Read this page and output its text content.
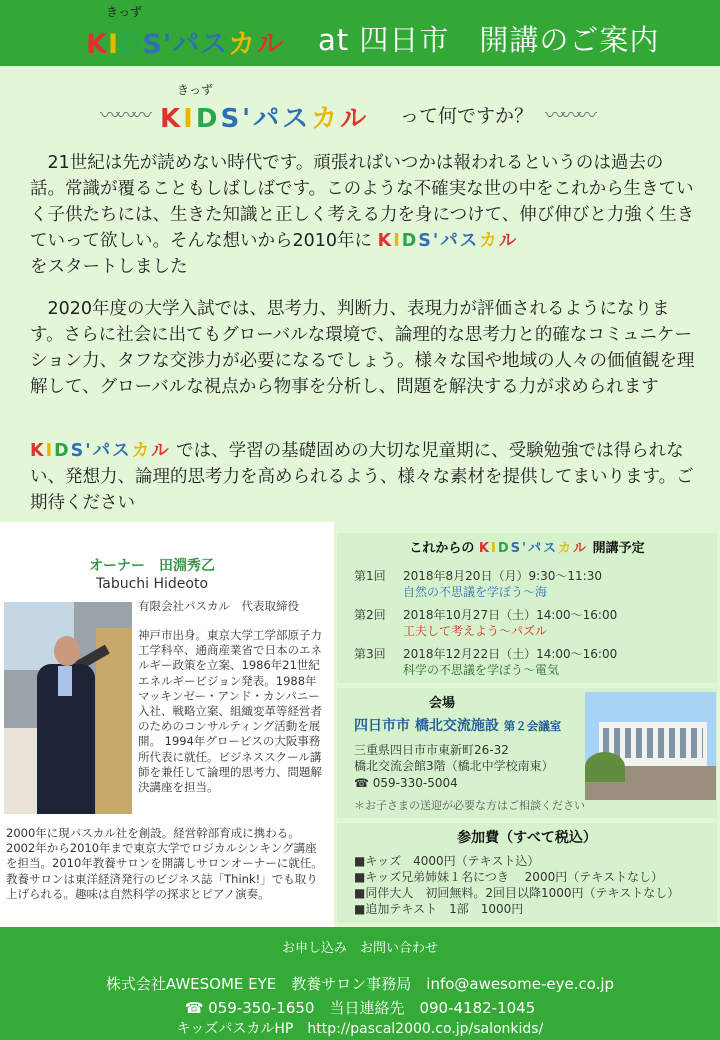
きっず
KIDS'パスカル at 四日市　開講のご案内
きっず
〰〰〰 KIDS'パスカル って何ですか？ 〰〰〰

21世紀は先が読めない時代です。頑張ればいつかは報われるというのは過去の話。常識が覆ることもしばしばです。このような不確実な世の中をこれから生きていく子供たちには、生きた知識と正しく考える力を身につけて、伸び伸びと力強く生きていって欲しい。そんな想いから2010年に KIDS'パスカル
をスタートしました

2020年度の大学入試では、思考力、判断力、表現力が評価されるようになります。さらに社会に出てもグローバルな環境で、論理的な思考力と的確なコミュニケーション力、タフな交渉力が必要になるでしょう。様々な国や地域の人々の価値観を理解して、グローバルな視点から物事を分析し、問題を解決する力が求められます

KIDS'パスカル では、学習の基礎固めの大切な児童期に、受験勉強では得られない、発想力、論理的思考力を高められるよう、様々な素材を提供してまいります。ご期待ください

オーナー　田淵秀乙
Tabuchi Hideoto
有限会社パスカル　代表取締役

神戸市出身。東京大学工学部原子力工学科卒、通商産業省で日本のエネルギー政策を立案、1986年21世紀エネルギービジョン発表。1988年マッキンゼー・アンド・カンパニー入社、戦略立案、組織変革等経営者のためのコンサルティング活動を展開。 1994年グロービスの大阪事務所代表に就任。ビジネススクール講師を兼任して論理的思考力、問題解決講座を担当。

2000年に現パスカル社を創設。経営幹部育成に携わる。2002年から2010年まで東京大学でロジカルシンキング講座を担当。2010年教養サロンを開講しサロンオーナーに就任。教養サロンは東洋経済発行のビジネス誌「Think!」でも取り上げられる。趣味は自然科学の探求とピアノ演奏。

これからの KIDS'パスカル 開講予定
第1回 2018年8月20日（月）9:30～11:30
自然の不思議を学ぼう～海
第2回 2018年10月27日（土）14:00～16:00
工夫して考えよう～パズル
第3回 2018年12月22日（土）14:00～16:00
科学の不思議を学ぼう～電気
会場
四日市市 橋北交流施設 第２会議室
三重県四日市市東新町26-32
橋北交流会館3階（橋北中学校南東）
☎ 059-330-5004
＊お子さまの送迎が必要な方はご相談ください
参加費（すべて税込）
■キッズ　4000円（テキスト込）
■キッズ兄弟姉妹１名につき　 2000円（テキストなし）
■同伴大人　初回無料。2回目以降1000円（テキストなし）
■追加テキスト　1部　1000円
お申し込み　お問い合わせ
株式会社AWESOME EYE　教養サロン事務局　info@awesome-eye.co.jp
☎ 059-350-1650　当日連絡先　090-4182-1045
キッズパスカルHP　http://pascal2000.co.jp/salonkids/
